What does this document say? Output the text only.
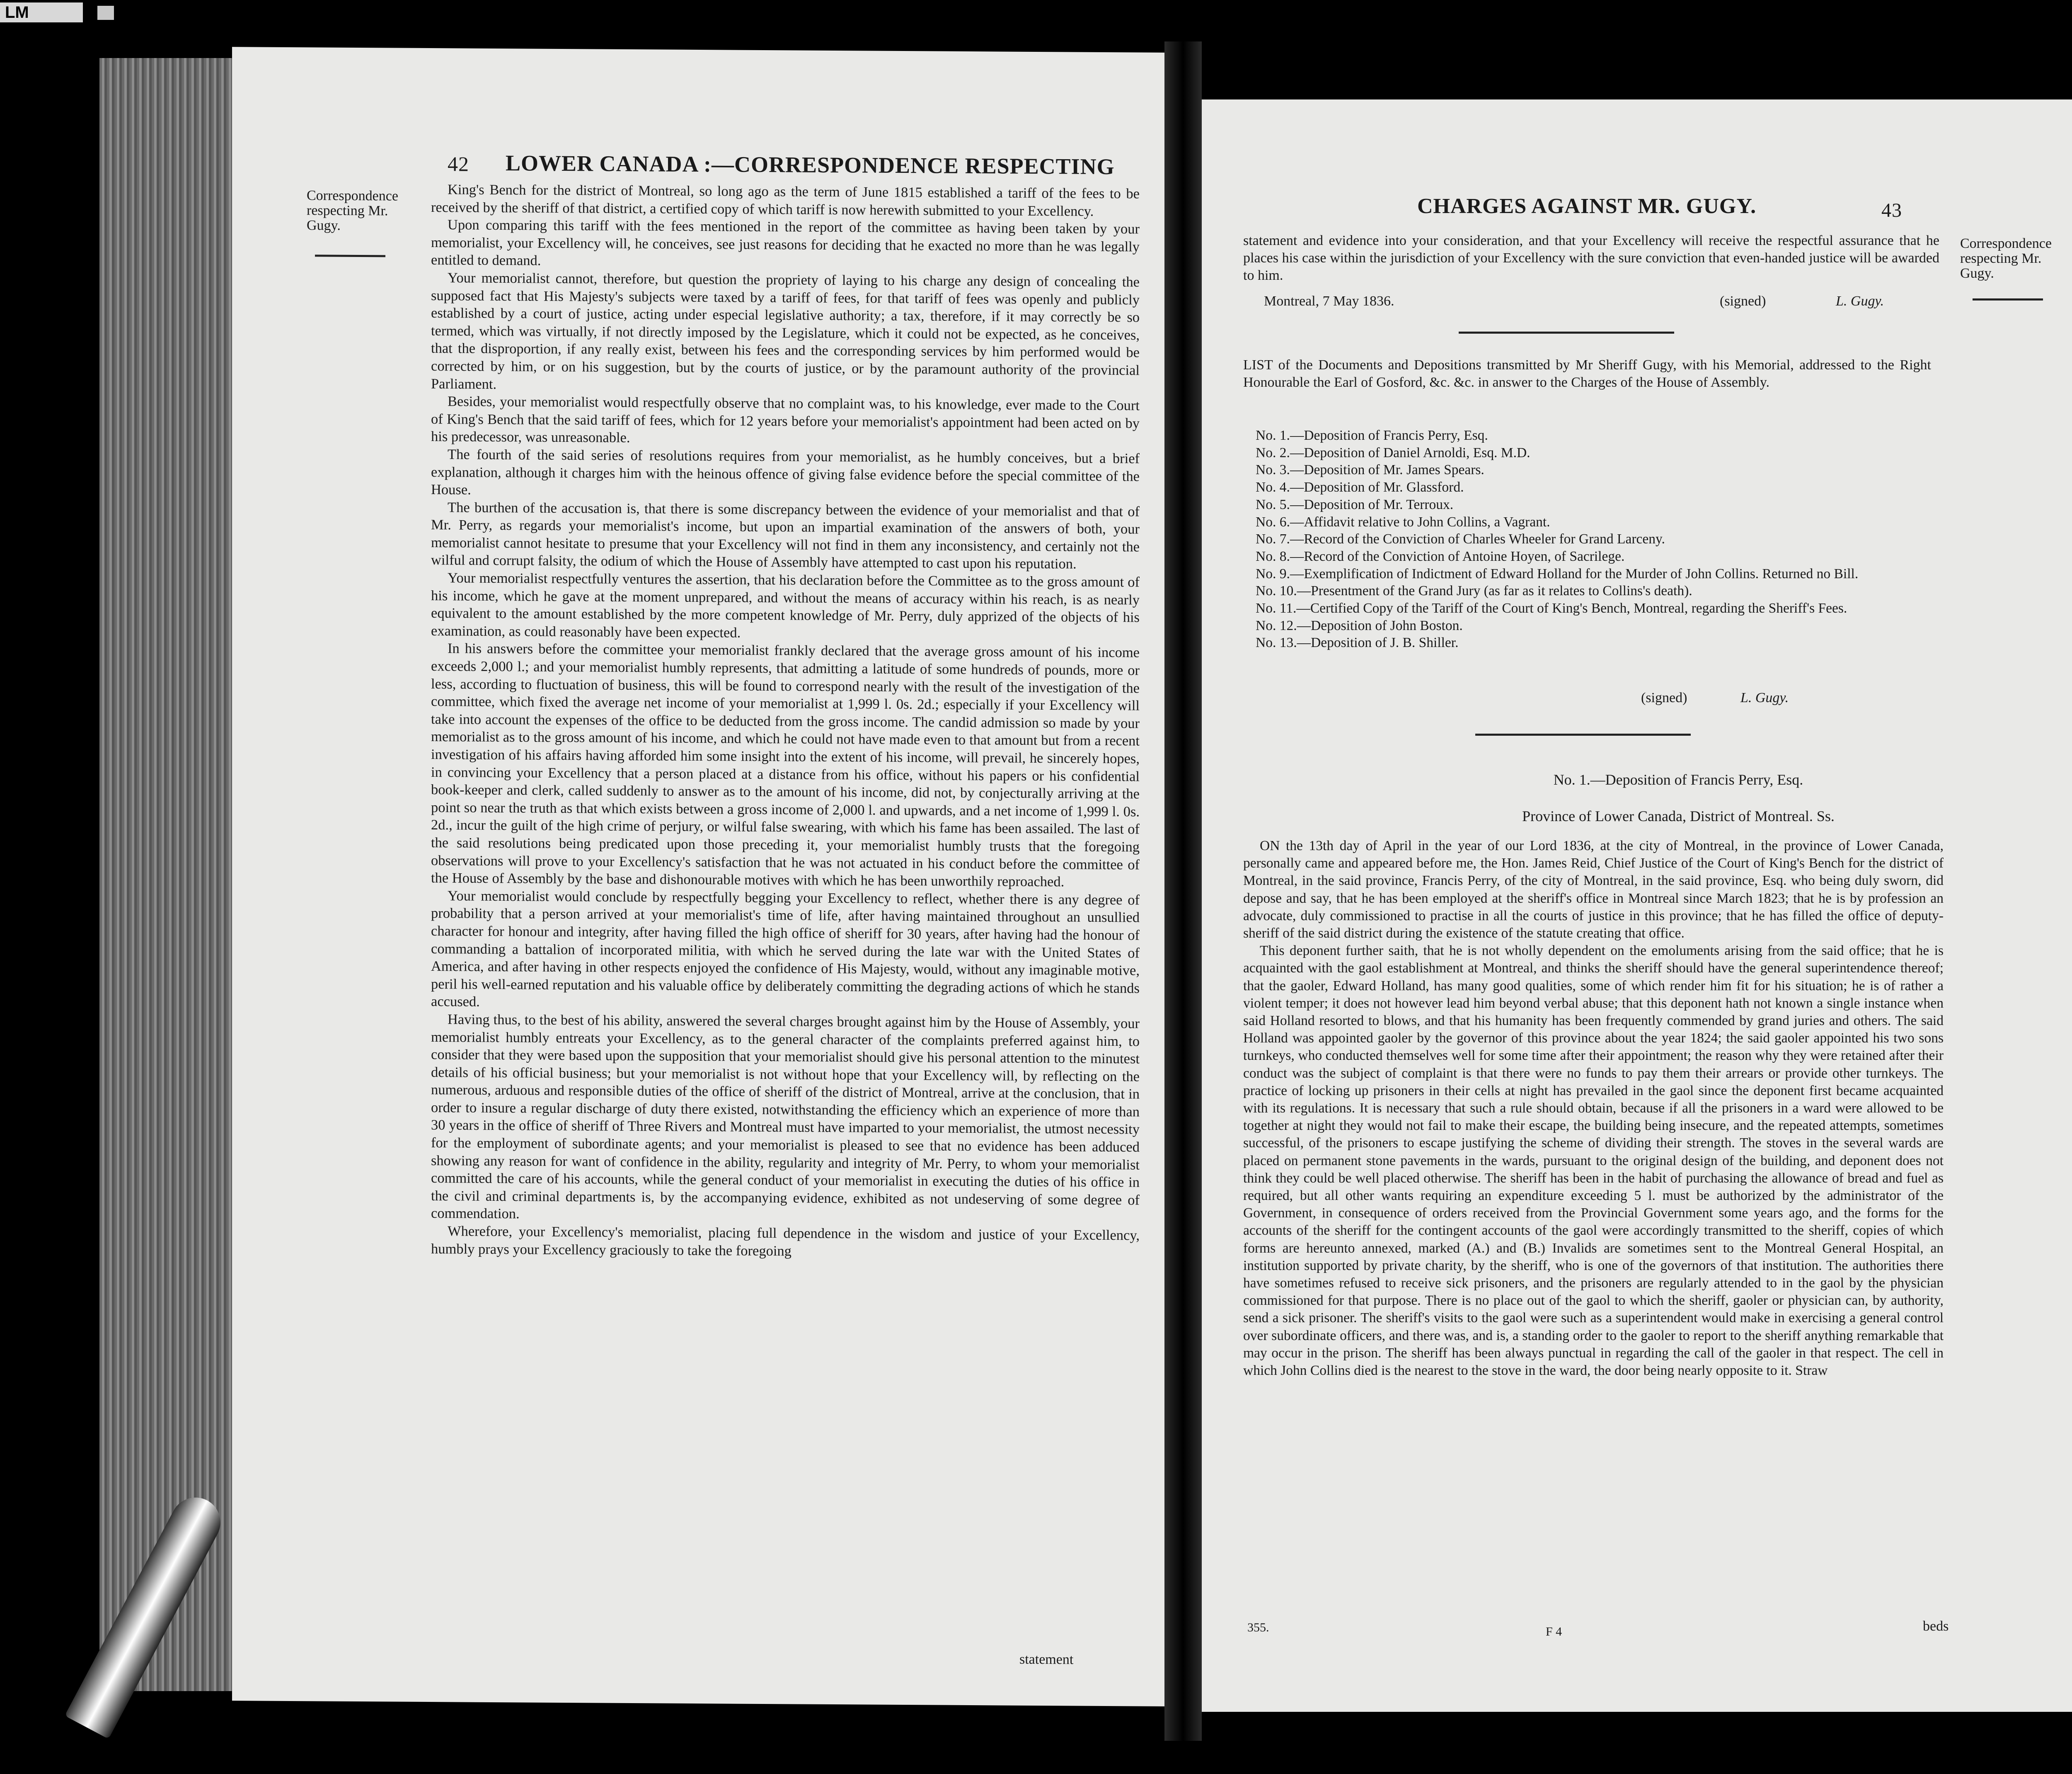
LM
42 LOWER CANADA :—CORRESPONDENCE RESPECTING
Correspondence respecting Mr. Gugy.

King's Bench for the district of Montreal, so long ago as the term of June 1815 established a tariff of the fees to be received by the sheriff of that district, a certified copy of which tariff is now herewith submitted to your Excellency.

Upon comparing this tariff with the fees mentioned in the report of the committee as having been taken by your memorialist, your Excellency will, he conceives, see just reasons for deciding that he exacted no more than he was legally entitled to demand.

Your memorialist cannot, therefore, but question the propriety of laying to his charge any design of concealing the supposed fact that His Majesty's subjects were taxed by a tariff of fees, for that tariff of fees was openly and publicly established by a court of justice, acting under especial legislative authority; a tax, therefore, if it may correctly be so termed, which was virtually, if not directly imposed by the Legislature, which it could not be expected, as he conceives, that the disproportion, if any really exist, between his fees and the corresponding services by him performed would be corrected by him, or on his suggestion, but by the courts of justice, or by the paramount authority of the provincial Parliament.

Besides, your memorialist would respectfully observe that no complaint was, to his knowledge, ever made to the Court of King's Bench that the said tariff of fees, which for 12 years before your memorialist's appointment had been acted on by his predecessor, was unreasonable.

The fourth of the said series of resolutions requires from your memorialist, as he humbly conceives, but a brief explanation, although it charges him with the heinous offence of giving false evidence before the special committee of the House.

The burthen of the accusation is, that there is some discrepancy between the evidence of your memorialist and that of Mr. Perry, as regards your memorialist's income, but upon an impartial examination of the answers of both, your memorialist cannot hesitate to presume that your Excellency will not find in them any inconsistency, and certainly not the wilful and corrupt falsity, the odium of which the House of Assembly have attempted to cast upon his reputation.

Your memorialist respectfully ventures the assertion, that his declaration before the Committee as to the gross amount of his income, which he gave at the moment unprepared, and without the means of accuracy within his reach, is as nearly equivalent to the amount established by the more competent knowledge of Mr. Perry, duly apprized of the objects of his examination, as could reasonably have been expected.

In his answers before the committee your memorialist frankly declared that the average gross amount of his income exceeds 2,000 l.; and your memorialist humbly represents, that admitting a latitude of some hundreds of pounds, more or less, according to fluctuation of business, this will be found to correspond nearly with the result of the investigation of the committee, which fixed the average net income of your memorialist at 1,999 l. 0s. 2d.; especially if your Excellency will take into account the expenses of the office to be deducted from the gross income. The candid admission so made by your memorialist as to the gross amount of his income, and which he could not have made even to that amount but from a recent investigation of his affairs having afforded him some insight into the extent of his income, will prevail, he sincerely hopes, in convincing your Excellency that a person placed at a distance from his office, without his papers or his confidential book-keeper and clerk, called suddenly to answer as to the amount of his income, did not, by conjecturally arriving at the point so near the truth as that which exists between a gross income of 2,000 l. and upwards, and a net income of 1,999 l. 0s. 2d., incur the guilt of the high crime of perjury, or wilful false swearing, with which his fame has been assailed. The last of the said resolutions being predicated upon those preceding it, your memorialist humbly trusts that the foregoing observations will prove to your Excellency's satisfaction that he was not actuated in his conduct before the committee of the House of Assembly by the base and dishonourable motives with which he has been unworthily reproached.

Your memorialist would conclude by respectfully begging your Excellency to reflect, whether there is any degree of probability that a person arrived at your memorialist's time of life, after having maintained throughout an unsullied character for honour and integrity, after having filled the high office of sheriff for 30 years, after having had the honour of commanding a battalion of incorporated militia, with which he served during the late war with the United States of America, and after having in other respects enjoyed the confidence of His Majesty, would, without any imaginable motive, peril his well-earned reputation and his valuable office by deliberately committing the degrading actions of which he stands accused.

Having thus, to the best of his ability, answered the several charges brought against him by the House of Assembly, your memorialist humbly entreats your Excellency, as to the general character of the complaints preferred against him, to consider that they were based upon the supposition that your memorialist should give his personal attention to the minutest details of his official business; but your memorialist is not without hope that your Excellency will, by reflecting on the numerous, arduous and responsible duties of the office of sheriff of the district of Montreal, arrive at the conclusion, that in order to insure a regular discharge of duty there existed, notwithstanding the efficiency which an experience of more than 30 years in the office of sheriff of Three Rivers and Montreal must have imparted to your memorialist, the utmost necessity for the employment of subordinate agents; and your memorialist is pleased to see that no evidence has been adduced showing any reason for want of confidence in the ability, regularity and integrity of Mr. Perry, to whom your memorialist committed the care of his accounts, while the general conduct of your memorialist in executing the duties of his office in the civil and criminal departments is, by the accompanying evidence, exhibited as not undeserving of some degree of commendation.

Wherefore, your Excellency's memorialist, placing full dependence in the wisdom and justice of your Excellency, humbly prays your Excellency graciously to take the foregoing

statement
CHARGES AGAINST MR. GUGY.	43
Correspondence respecting Mr. Gugy.
statement and evidence into your consideration, and that your Excellency will receive the respectful assurance that he places his case within the jurisdiction of your Excellency with the sure conviction that even-handed justice will be awarded to him.
Montreal, 7 May 1836.	(signed)	L. Gugy.
LIST of the Documents and Depositions transmitted by Mr Sheriff Gugy, with his Memorial, addressed to the Right Honourable the Earl of Gosford, &c. &c. in answer to the Charges of the House of Assembly.
No. 1.—Deposition of Francis Perry, Esq.
No. 2.—Deposition of Daniel Arnoldi, Esq. M.D.
No. 3.—Deposition of Mr. James Spears.
No. 4.—Deposition of Mr. Glassford.
No. 5.—Deposition of Mr. Terroux.
No. 6.—Affidavit relative to John Collins, a Vagrant.
No. 7.—Record of the Conviction of Charles Wheeler for Grand Larceny.
No. 8.—Record of the Conviction of Antoine Hoyen, of Sacrilege.
No. 9.—Exemplification of Indictment of Edward Holland for the Murder of John Collins. Returned no Bill.
No. 10.—Presentment of the Grand Jury (as far as it relates to Collins's death).
No. 11.—Certified Copy of the Tariff of the Court of King's Bench, Montreal, regarding the Sheriff's Fees.
No. 12.—Deposition of John Boston.
No. 13.—Deposition of J. B. Shiller.
(signed)	L. Gugy.
No. 1.—Deposition of Francis Perry, Esq.
Province of Lower Canada, District of Montreal. Ss.

ON the 13th day of April in the year of our Lord 1836, at the city of Montreal, in the province of Lower Canada, personally came and appeared before me, the Hon. James Reid, Chief Justice of the Court of King's Bench for the district of Montreal, in the said province, Francis Perry, of the city of Montreal, in the said province, Esq. who being duly sworn, did depose and say, that he has been employed at the sheriff's office in Montreal since March 1823; that he is by profession an advocate, duly commissioned to practise in all the courts of justice in this province; that he has filled the office of deputy-sheriff of the said district during the existence of the statute creating that office.

This deponent further saith, that he is not wholly dependent on the emoluments arising from the said office; that he is acquainted with the gaol establishment at Montreal, and thinks the sheriff should have the general superintendence thereof; that the gaoler, Edward Holland, has many good qualities, some of which render him fit for his situation; he is of rather a violent temper; it does not however lead him beyond verbal abuse; that this deponent hath not known a single instance when said Holland resorted to blows, and that his humanity has been frequently commended by grand juries and others. The said Holland was appointed gaoler by the governor of this province about the year 1824; the said gaoler appointed his two sons turnkeys, who conducted themselves well for some time after their appointment; the reason why they were retained after their conduct was the subject of complaint is that there were no funds to pay them their arrears or provide other turnkeys. The practice of locking up prisoners in their cells at night has prevailed in the gaol since the deponent first became acquainted with its regulations. It is necessary that such a rule should obtain, because if all the prisoners in a ward were allowed to be together at night they would not fail to make their escape, the building being insecure, and the repeated attempts, sometimes successful, of the prisoners to escape justifying the scheme of dividing their strength. The stoves in the several wards are placed on permanent stone pavements in the wards, pursuant to the original design of the building, and deponent does not think they could be well placed otherwise. The sheriff has been in the habit of purchasing the allowance of bread and fuel as required, but all other wants requiring an expenditure exceeding 5 l. must be authorized by the administrator of the Government, in consequence of orders received from the Provincial Government some years ago, and the forms for the accounts of the sheriff for the contingent accounts of the gaol were accordingly transmitted to the sheriff, copies of which forms are hereunto annexed, marked (A.) and (B.) Invalids are sometimes sent to the Montreal General Hospital, an institution supported by private charity, by the sheriff, who is one of the governors of that institution. The authorities there have sometimes refused to receive sick prisoners, and the prisoners are regularly attended to in the gaol by the physician commissioned for that purpose. There is no place out of the gaol to which the sheriff, gaoler or physician can, by authority, send a sick prisoner. The sheriff's visits to the gaol were such as a superintendent would make in exercising a general control over subordinate officers, and there was, and is, a standing order to the gaoler to report to the sheriff anything remarkable that may occur in the prison. The sheriff has been always punctual in regarding the call of the gaoler in that respect. The cell in which John Collins died is the nearest to the stove in the ward, the door being nearly opposite to it. Straw

355.	F 4	beds
